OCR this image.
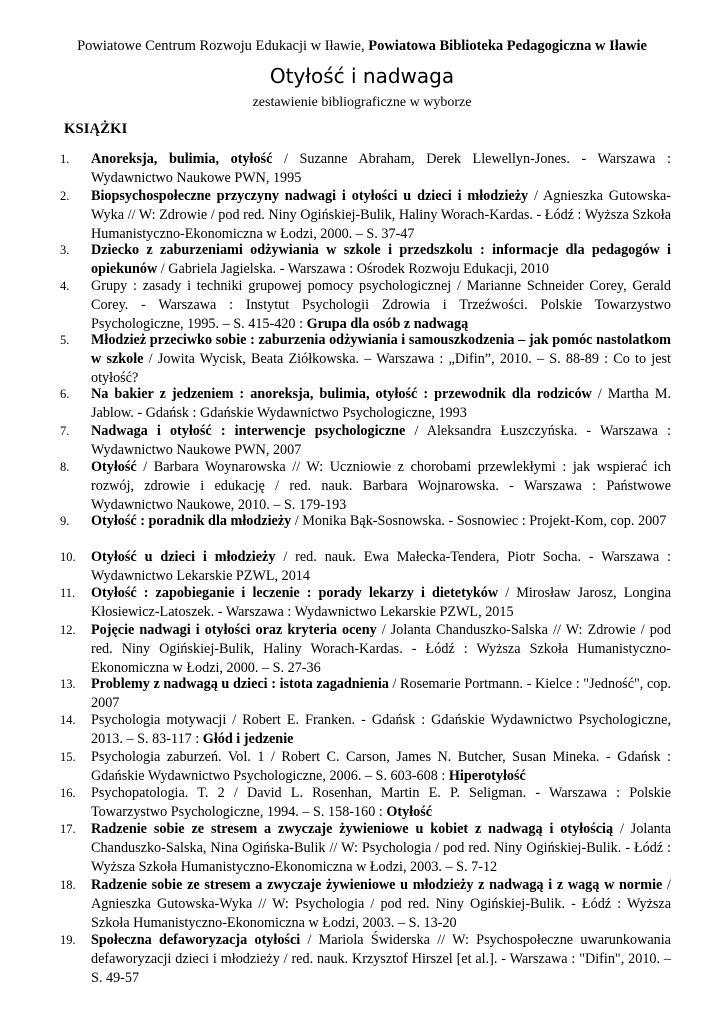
Powiatowe Centrum Rozwoju Edukacji w Iławie, Powiatowa Biblioteka Pedagogiczna w Iławie
Otyłość i nadwaga
zestawienie bibliograficzne w wyborze
KSIĄŻKI
1.	Anoreksja, bulimia, otyłość / Suzanne Abraham, Derek Llewellyn-Jones. - Warszawa : Wydawnictwo Naukowe PWN, 1995
2.	Biopsychospołeczne przyczyny nadwagi i otyłości u dzieci i młodzieży / Agnieszka Gutowska-Wyka // W: Zdrowie / pod red. Niny Ogińskiej-Bulik, Haliny Worach-Kardas. - Łódź : Wyższa Szkoła Humanistyczno-Ekonomiczna w Łodzi, 2000. – S. 37-47
3.	Dziecko z zaburzeniami odżywiania w szkole i przedszkolu : informacje dla pedagogów i opiekunów / Gabriela Jagielska. - Warszawa : Ośrodek Rozwoju Edukacji, 2010
4.	Grupy : zasady i techniki grupowej pomocy psychologicznej / Marianne Schneider Corey, Gerald Corey. - Warszawa : Instytut Psychologii Zdrowia i Trzeźwości. Polskie Towarzystwo Psychologiczne, 1995. – S. 415-420 : Grupa dla osób z nadwagą
5.	Młodzież przeciwko sobie : zaburzenia odżywiania i samouszkodzenia – jak pomóc nastolatkom w szkole / Jowita Wycisk, Beata Ziółkowska. – Warszawa : „Difin”, 2010. – S. 88-89 : Co to jest otyłość?
6.	Na bakier z jedzeniem : anoreksja, bulimia, otyłość : przewodnik dla rodziców / Martha M. Jablow. - Gdańsk : Gdańskie Wydawnictwo Psychologiczne, 1993
7.	Nadwaga i otyłość : interwencje psychologiczne / Aleksandra Łuszczyńska. - Warszawa : Wydawnictwo Naukowe PWN, 2007
8.	Otyłość / Barbara Woynarowska // W: Uczniowie z chorobami przewlekłymi : jak wspierać ich rozwój, zdrowie i edukację / red. nauk. Barbara Wojnarowska. - Warszawa : Państwowe Wydawnictwo Naukowe, 2010. – S. 179-193
9.	Otyłość : poradnik dla młodzieży / Monika Bąk-Sosnowska. - Sosnowiec : Projekt-Kom, cop. 2007
10.	Otyłość u dzieci i młodzieży / red. nauk. Ewa Małecka-Tendera, Piotr Socha. - Warszawa : Wydawnictwo Lekarskie PZWL, 2014
11.	Otyłość : zapobieganie i leczenie : porady lekarzy i dietetyków / Mirosław Jarosz, Longina Kłosiewicz-Latoszek. - Warszawa : Wydawnictwo Lekarskie PZWL, 2015
12.	Pojęcie nadwagi i otyłości oraz kryteria oceny / Jolanta Chanduszko-Salska // W: Zdrowie / pod red. Niny Ogińskiej-Bulik, Haliny Worach-Kardas. - Łódź : Wyższa Szkoła Humanistyczno-Ekonomiczna w Łodzi, 2000. – S. 27-36
13.	Problemy z nadwagą u dzieci : istota zagadnienia / Rosemarie Portmann. - Kielce : "Jedność", cop. 2007
14.	Psychologia motywacji / Robert E. Franken. - Gdańsk : Gdańskie Wydawnictwo Psychologiczne, 2013. – S. 83-117 : Głód i jedzenie
15.	Psychologia zaburzeń. Vol. 1 / Robert C. Carson, James N. Butcher, Susan Mineka. - Gdańsk : Gdańskie Wydawnictwo Psychologiczne, 2006. – S. 603-608 : Hiperotyłość
16.	Psychopatologia. T. 2 / David L. Rosenhan, Martin E. P. Seligman. - Warszawa : Polskie Towarzystwo Psychologiczne, 1994. – S. 158-160 : Otyłość
17.	Radzenie sobie ze stresem a zwyczaje żywieniowe u kobiet z nadwagą i otyłością / Jolanta Chanduszko-Salska, Nina Ogińska-Bulik // W: Psychologia / pod red. Niny Ogińskiej-Bulik. - Łódź : Wyższa Szkoła Humanistyczno-Ekonomiczna w Łodzi, 2003. – S. 7-12
18.	Radzenie sobie ze stresem a zwyczaje żywieniowe u młodzieży z nadwagą i z wagą w normie / Agnieszka Gutowska-Wyka // W: Psychologia / pod red. Niny Ogińskiej-Bulik. - Łódź : Wyższa Szkoła Humanistyczno-Ekonomiczna w Łodzi, 2003. – S. 13-20
19.	Społeczna defaworyzacja otyłości / Mariola Świderska // W: Psychospołeczne uwarunkowania defaworyzacji dzieci i młodzieży / red. nauk. Krzysztof Hirszel [et al.]. - Warszawa : "Difin", 2010. – S. 49-57
